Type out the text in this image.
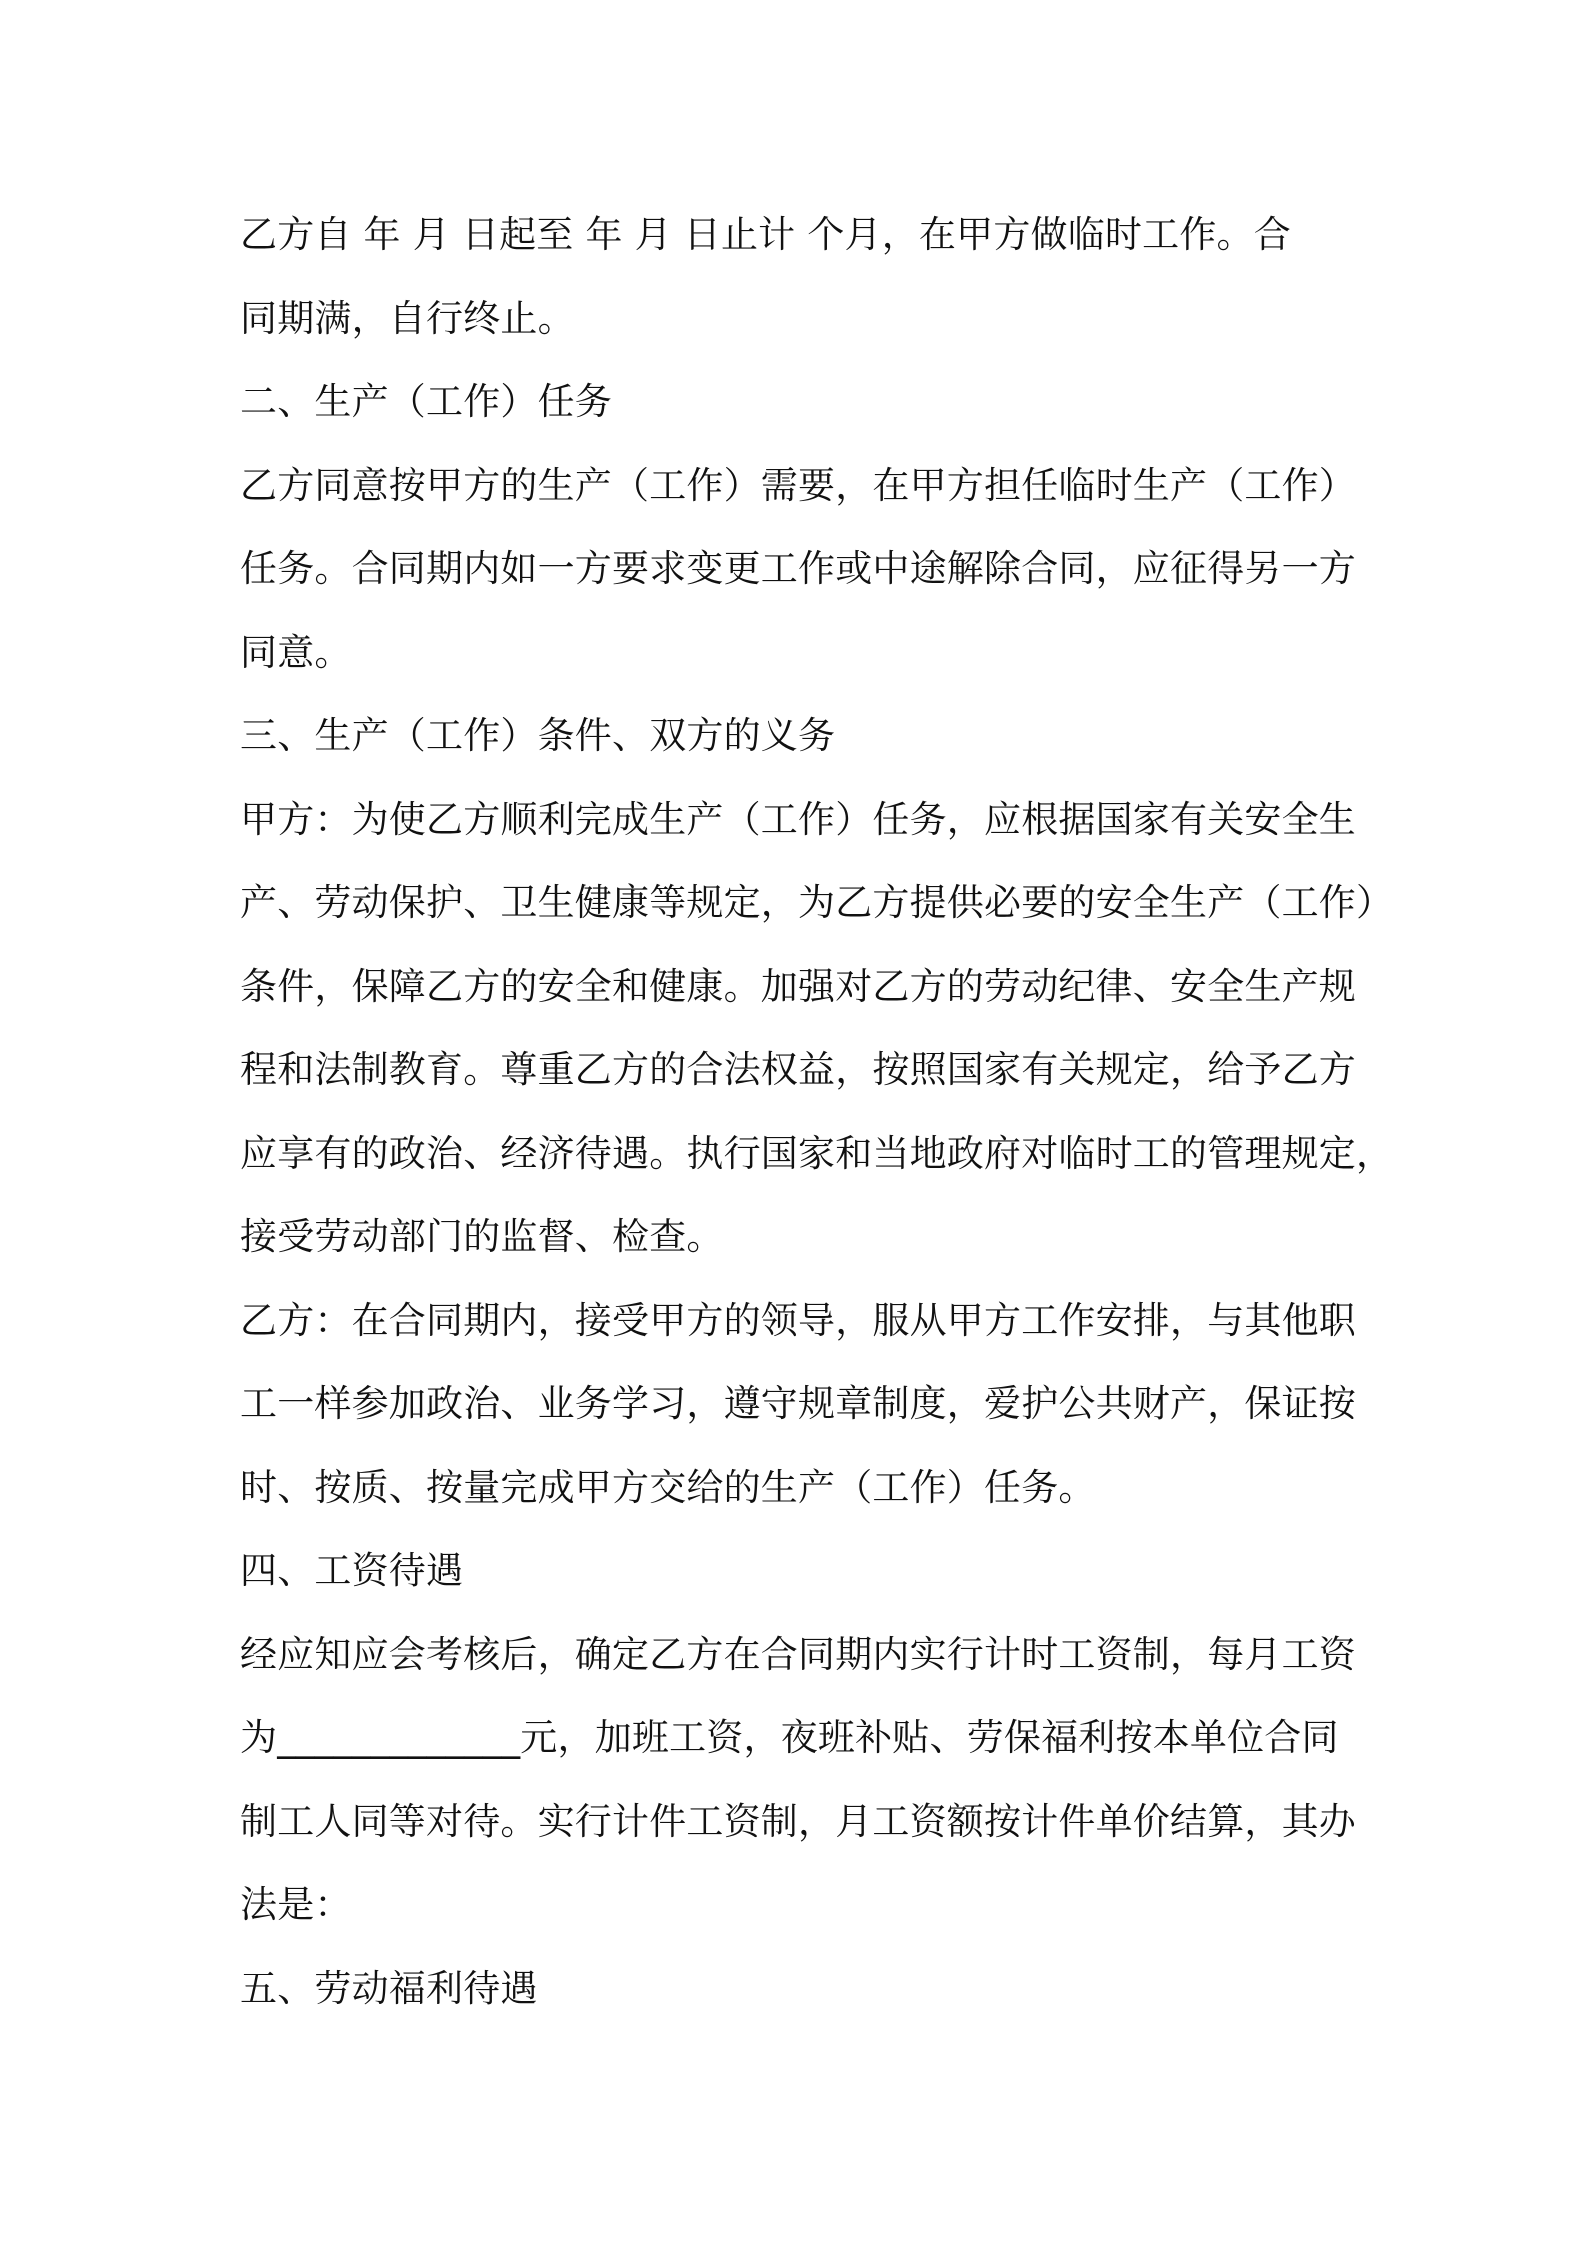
乙方自 年 月 日起至 年 月 日止计 个月，在甲方做临时工作。合

同期满，自行终止。

二、生产（工作）任务

乙方同意按甲方的生产（工作）需要，在甲方担任临时生产（工作）

任务。合同期内如一方要求变更工作或中途解除合同，应征得另一方

同意。

三、生产（工作）条件、双方的义务

甲方：为使乙方顺利完成生产（工作）任务，应根据国家有关安全生

产、劳动保护、卫生健康等规定，为乙方提供必要的安全生产（工作）

条件，保障乙方的安全和健康。加强对乙方的劳动纪律、安全生产规

程和法制教育。尊重乙方的合法权益，按照国家有关规定，给予乙方

应享有的政治、经济待遇。执行国家和当地政府对临时工的管理规定，

接受劳动部门的监督、检查。

乙方：在合同期内，接受甲方的领导，服从甲方工作安排，与其他职

工一样参加政治、业务学习，遵守规章制度，爱护公共财产，保证按

时、按质、按量完成甲方交给的生产（工作）任务。

四、工资待遇

经应知应会考核后，确定乙方在合同期内实行计时工资制，每月工资

为_____________元，加班工资，夜班补贴、劳保福利按本单位合同

制工人同等对待。实行计件工资制，月工资额按计件单价结算，其办

法是：

五、劳动福利待遇
